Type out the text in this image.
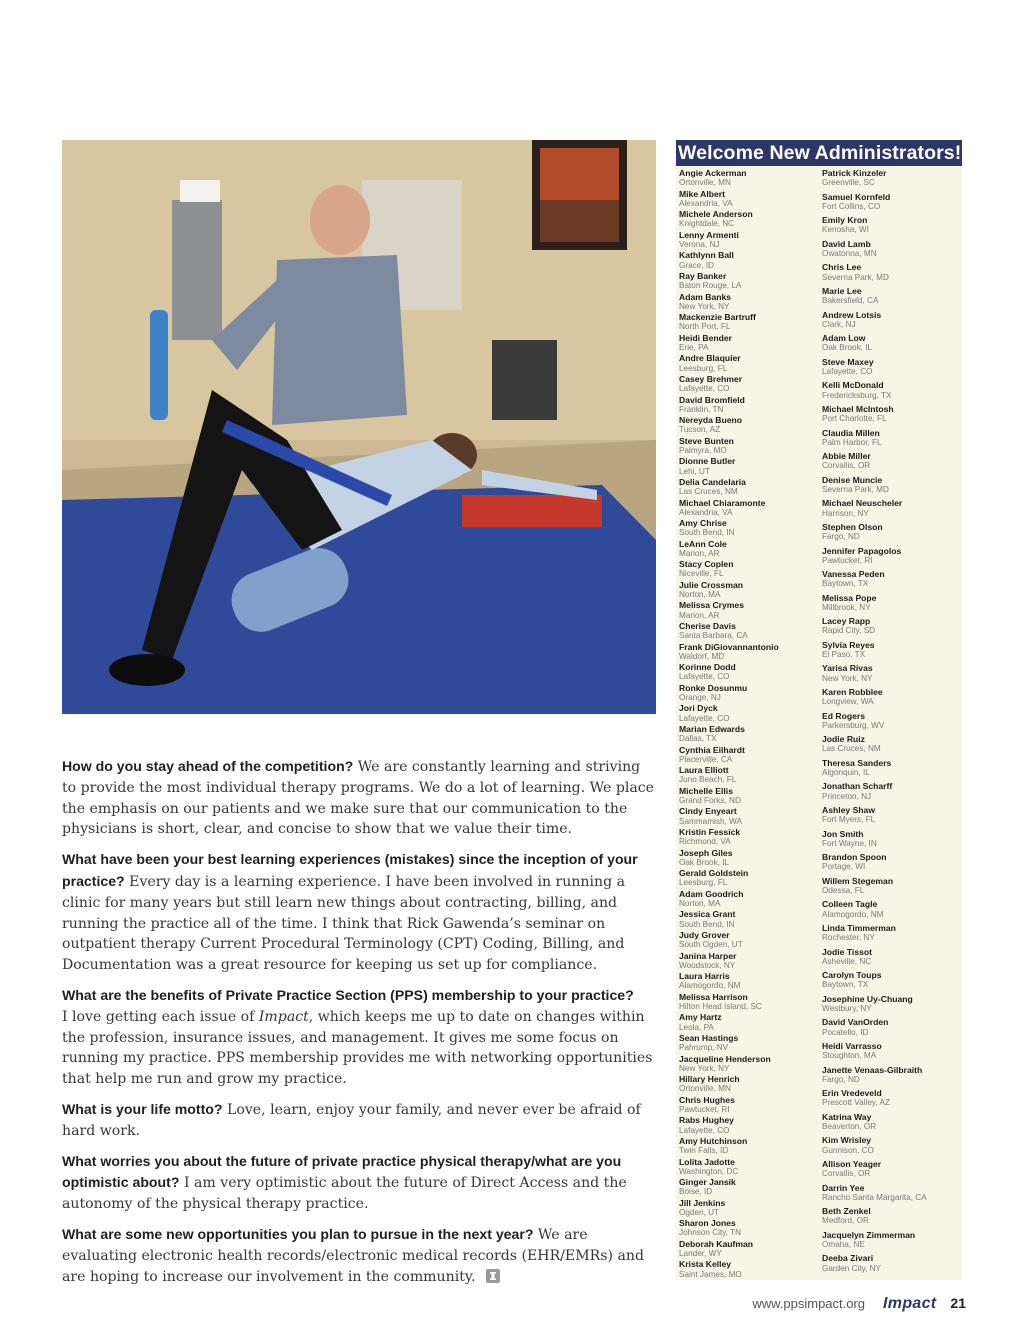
How do you stay ahead of the competition? We are constantly learning and striving to provide the most individual therapy programs. We do a lot of learning. We place the emphasis on our patients and we make sure that our communication to the physicians is short, clear, and concise to show that we value their time.

What have been your best learning experiences (mistakes) since the inception of your practice? Every day is a learning experience. I have been involved in running a clinic for many years but still learn new things about contracting, billing, and running the practice all of the time. I think that Rick Gawenda’s seminar on outpatient therapy Current Procedural Terminology (CPT) Coding, Billing, and Documentation was a great resource for keeping us set up for compliance.

What are the benefits of Private Practice Section (PPS) membership to your practice?
I love getting each issue of Impact, which keeps me up to date on changes within the profession, insurance issues, and management. It gives me some focus on running my practice. PPS membership provides me with networking opportunities that help me run and grow my practice.

What is your life motto? Love, learn, enjoy your family, and never ever be afraid of hard work.

What worries you about the future of private practice physical therapy/what are you optimistic about? I am very optimistic about the future of Direct Access and the autonomy of the physical therapy practice.

What are some new opportunities you plan to pursue in the next year? We are evaluating electronic health records/electronic medical records (EHR/EMRs) and are hoping to increase our involvement in the community.

Welcome New Administrators!
Angie Ackerman
Ortonville, MN
Mike Albert
Alexandria, VA
Michele Anderson
Knightdale, NC
Lenny Armenti
Verona, NJ
Kathlynn Ball
Grace, ID
Ray Banker
Baton Rouge, LA
Adam Banks
New York, NY
Mackenzie Bartruff
North Port, FL
Heidi Bender
Erie, PA
Andre Blaquier
Leesburg, FL
Casey Brehmer
Lafayette, CO
David Bromfield
Franklin, TN
Nereyda Bueno
Tucson, AZ
Steve Bunten
Palmyra, MO
Dionne Butler
Lehi, UT
Delia Candelaria
Las Cruces, NM
Michael Chiaramonte
Alexandria, VA
Amy Chrise
South Bend, IN
LeAnn Cole
Marion, AR
Stacy Coplen
Niceville, FL
Julie Crossman
Norton, MA
Melissa Crymes
Marion, AR
Cherise Davis
Santa Barbara, CA
Frank DiGiovannantonio
Waldorf, MD
Korinne Dodd
Lafayette, CO
Ronke Dosunmu
Orange, NJ
Jori Dyck
Lafayette, CO
Marian Edwards
Dallas, TX
Cynthia Eilhardt
Placerville, CA
Laura Elliott
Juno Beach, FL
Michelle Ellis
Grand Forks, ND
Cindy Enyeart
Sammamish, WA
Kristin Fessick
Richmond, VA
Joseph Giles
Oak Brook, IL
Gerald Goldstein
Leesburg, FL
Adam Goodrich
Norton, MA
Jessica Grant
South Bend, IN
Judy Grover
South Ogden, UT
Janina Harper
Woodstock, NY
Laura Harris
Alamogordo, NM
Melissa Harrison
Hilton Head Island, SC
Amy Hartz
Leola, PA
Sean Hastings
Pahrump, NV
Jacqueline Henderson
New York, NY
Hillary Henrich
Ortonville, MN
Chris Hughes
Pawtucket, RI
Rabs Hughey
Lafayette, CO
Amy Hutchinson
Twin Falls, ID
Lolita Jadotte
Washington, DC
Ginger Jansik
Boise, ID
Jill Jenkins
Ogden, UT
Sharon Jones
Johnson City, TN
Deborah Kaufman
Lander, WY
Krista Kelley
Saint James, MO
Patrick Kinzeler
Greenville, SC
Samuel Kornfeld
Fort Collins, CO
Emily Kron
Kenosha, WI
David Lamb
Owatonna, MN
Chris Lee
Severna Park, MD
Marie Lee
Bakersfield, CA
Andrew Lotsis
Clark, NJ
Adam Low
Oak Brook, IL
Steve Maxey
Lafayette, CO
Kelli McDonald
Fredericksburg, TX
Michael McIntosh
Port Charlotte, FL
Claudia Millen
Palm Harbor, FL
Abbie Miller
Corvallis, OR
Denise Muncie
Severna Park, MD
Michael Neuscheler
Harrison, NY
Stephen Olson
Fargo, ND
Jennifer Papagolos
Pawtucket, RI
Vanessa Peden
Baytown, TX
Melissa Pope
Millbrook, NY
Lacey Rapp
Rapid City, SD
Sylvia Reyes
El Paso, TX
Yarisa Rivas
New York, NY
Karen Robblee
Longview, WA
Ed Rogers
Parkersburg, WV
Jodie Ruiz
Las Cruces, NM
Theresa Sanders
Algonquin, IL
Jonathan Scharff
Princeton, NJ
Ashley Shaw
Fort Myers, FL
Jon Smith
Fort Wayne, IN
Brandon Spoon
Portage, WI
Willem Stegeman
Odessa, FL
Colleen Tagle
Alamogordo, NM
Linda Timmerman
Rochester, NY
Jodie Tissot
Asheville, NC
Carolyn Toups
Baytown, TX
Josephine Uy-Chuang
Westbury, NY
David VanOrden
Pocatello, ID
Heidi Varrasso
Stoughton, MA
Janette Venaas-Gilbraith
Fargo, ND
Erin Vredeveld
Prescott Valley, AZ
Katrina Way
Beaverton, OR
Kim Wrisley
Gunnison, CO
Allison Yeager
Corvallis, OR
Darrin Yee
Rancho Santa Margarita, CA
Beth Zenkel
Medford, OR
Jacquelyn Zimmerman
Omaha, NE
Deeba Zivari
Garden City, NY
www.ppsimpact.org Impact 21
